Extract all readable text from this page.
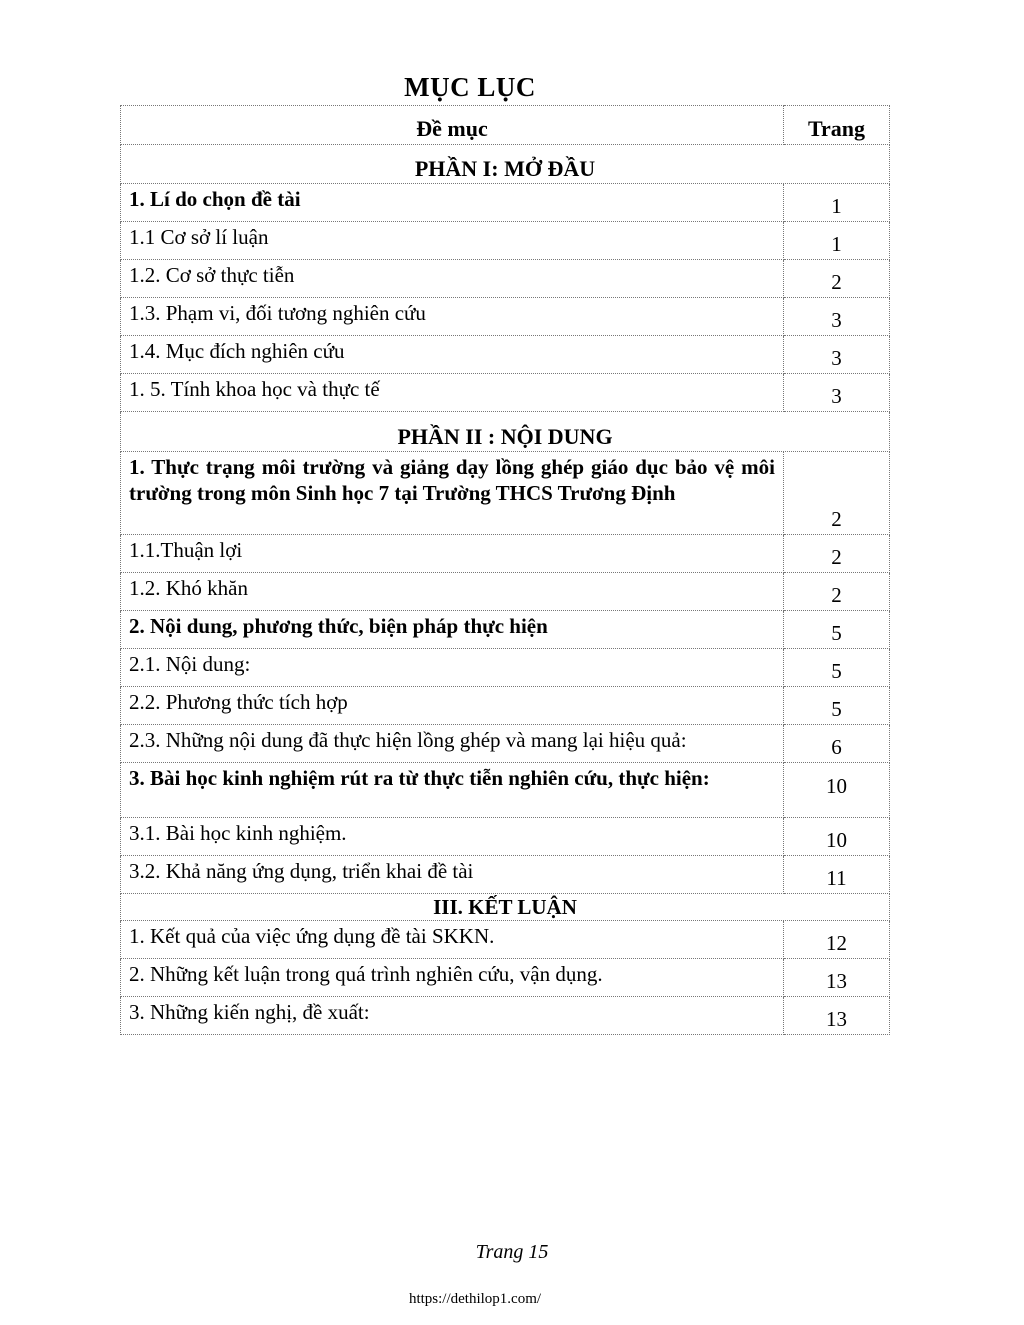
MỤC LỤC
Đề mục	Trang
PHẦN I: MỞ ĐẦU	
1. Lí do chọn đề tài	1
1.1 Cơ sở lí luận	1
1.2. Cơ sở thực tiễn	2
1.3. Phạm vi, đối tương nghiên cứu	3
1.4. Mục đích nghiên cứu	3
1. 5. Tính khoa học và thực tế	3
PHẦN II : NỘI DUNG	
1. Thực trạng môi trường và giảng dạy lồng ghép giáo dục bảo vệ môi trường trong môn Sinh học 7 tại Trường THCS Trương Định	2
1.1.Thuận lợi	2
1.2. Khó khăn	2
2. Nội dung, phương thức, biện pháp thực hiện	5
2.1. Nội dung:	5
2.2. Phương thức tích hợp	5
2.3. Những nội dung đã thực hiện lồng ghép và mang lại hiệu quả:	6
3. Bài học kinh nghiệm rút ra từ thực tiễn nghiên cứu, thực hiện:	10
3.1. Bài học kinh nghiệm.	10
3.2. Khả năng ứng dụng, triển khai đề tài	11
III. KẾT LUẬN	
1. Kết quả của việc ứng dụng đề tài SKKN.	12
2. Những kết luận trong quá trình nghiên cứu, vận dụng.	13
3. Những kiến nghị, đề xuất:	13
Trang 15
https://dethilop1.com/
